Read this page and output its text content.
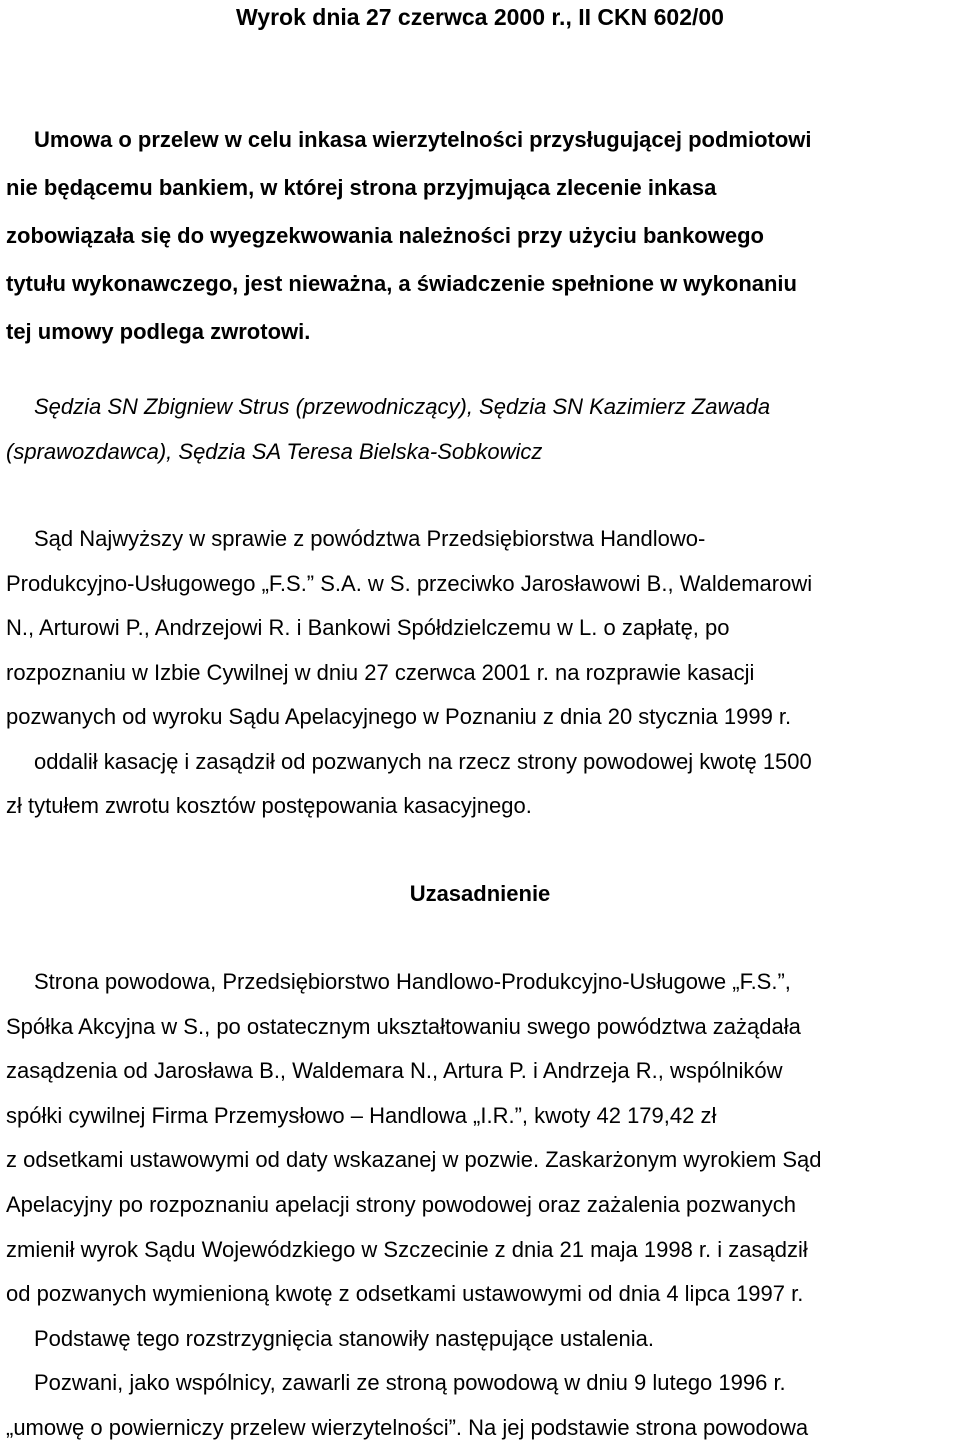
Wyrok dnia 27 czerwca 2000 r., II CKN 602/00
Umowa o przelew w celu inkasa wierzytelności przysługującej podmiotowi
nie będącemu bankiem, w której strona przyjmująca zlecenie inkasa
zobowiązała się do wyegzekwowania należności przy użyciu bankowego
tytułu wykonawczego, jest nieważna, a świadczenie spełnione w wykonaniu
tej umowy podlega zwrotowi.
Sędzia SN Zbigniew Strus (przewodniczący), Sędzia SN Kazimierz Zawada
(sprawozdawca), Sędzia SA Teresa Bielska-Sobkowicz
Sąd Najwyższy w sprawie z powództwa Przedsiębiorstwa Handlowo-
Produkcyjno-Usługowego „F.S.” S.A. w S. przeciwko Jarosławowi B., Waldemarowi
N., Arturowi P., Andrzejowi R. i Bankowi Spółdzielczemu w L. o zapłatę, po
rozpoznaniu w Izbie Cywilnej w dniu 27 czerwca 2001 r. na rozprawie kasacji
pozwanych od wyroku Sądu Apelacyjnego w Poznaniu z dnia 20 stycznia 1999 r.
oddalił kasację i zasądził od pozwanych na rzecz strony powodowej kwotę 1500
zł tytułem zwrotu kosztów postępowania kasacyjnego.
Uzasadnienie
Strona powodowa, Przedsiębiorstwo Handlowo-Produkcyjno-Usługowe „F.S.”,
Spółka Akcyjna w S., po ostatecznym ukształtowaniu swego powództwa zażądała
zasądzenia od Jarosława B., Waldemara N., Artura P. i Andrzeja R., wspólników
spółki cywilnej Firma Przemysłowo – Handlowa „I.R.”, kwoty 42 179,42 zł
z odsetkami ustawowymi od daty wskazanej w pozwie. Zaskarżonym wyrokiem Sąd
Apelacyjny po rozpoznaniu apelacji strony powodowej oraz zażalenia pozwanych
zmienił wyrok Sądu Wojewódzkiego w Szczecinie z dnia 21 maja 1998 r. i zasądził
od pozwanych wymienioną kwotę z odsetkami ustawowymi od dnia 4 lipca 1997 r.
Podstawę tego rozstrzygnięcia stanowiły następujące ustalenia.
Pozwani, jako wspólnicy, zawarli ze stroną powodową w dniu 9 lutego 1996 r.
„umowę o powierniczy przelew wierzytelności”. Na jej podstawie strona powodowa
